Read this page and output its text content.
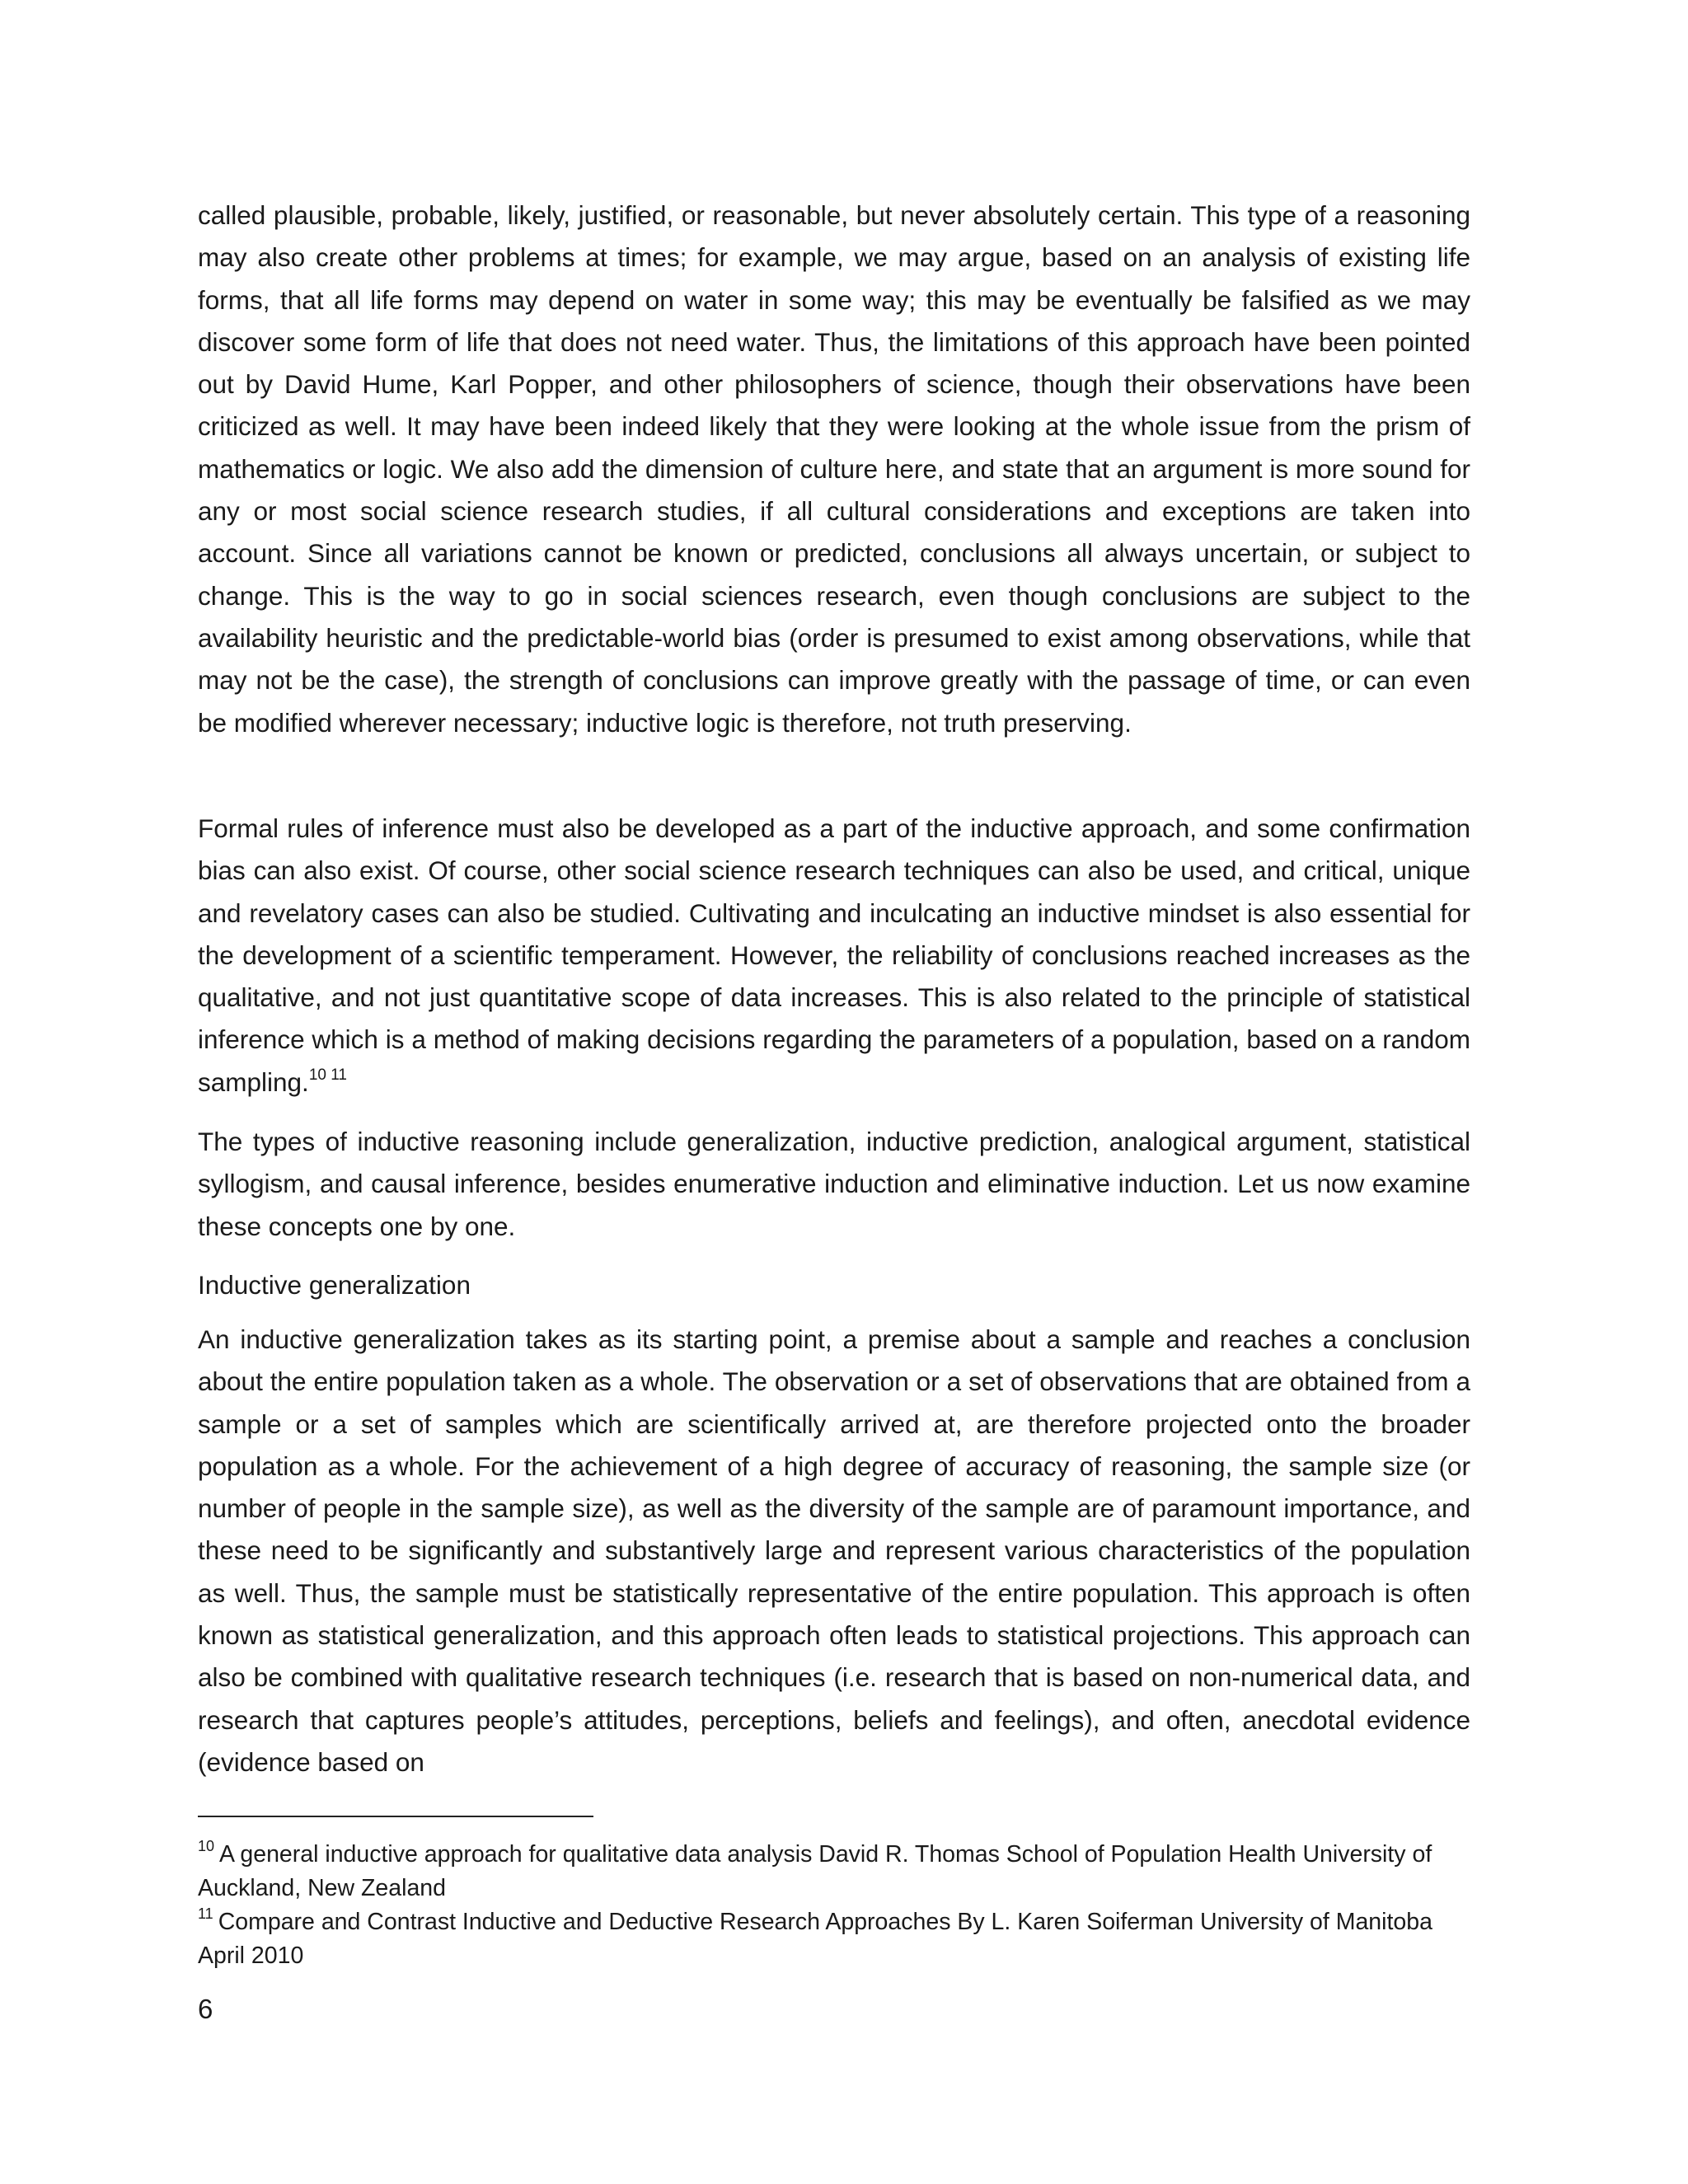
called plausible, probable, likely, justified, or reasonable, but never absolutely certain. This type of a reasoning may also create other problems at times; for example, we may argue, based on an analysis of existing life forms, that all life forms may depend on water in some way; this may be eventually be falsified as we may discover some form of life that does not need water. Thus, the limitations of this approach have been pointed out by David Hume, Karl Popper, and other philosophers of science, though their observations have been criticized as well. It may have been indeed likely that they were looking at the whole issue from the prism of mathematics or logic. We also add the dimension of culture here, and state that an argument is more sound for any or most social science research studies, if all cultural considerations and exceptions are taken into account. Since all variations cannot be known or predicted, conclusions all always uncertain, or subject to change. This is the way to go in social sciences research, even though conclusions are subject to the availability heuristic and the predictable-world bias (order is presumed to exist among observations, while that may not be the case), the strength of conclusions can improve greatly with the passage of time, or can even be modified wherever necessary; inductive logic is therefore, not truth preserving.

Formal rules of inference must also be developed as a part of the inductive approach, and some confirmation bias can also exist. Of course, other social science research techniques can also be used, and critical, unique and revelatory cases can also be studied. Cultivating and inculcating an inductive mindset is also essential for the development of a scientific temperament. However, the reliability of conclusions reached increases as the qualitative, and not just quantitative scope of data increases. This is also related to the principle of statistical inference which is a method of making decisions regarding the parameters of a population, based on a random sampling.$^{10 11}$

The types of inductive reasoning include generalization, inductive prediction, analogical argument, statistical syllogism, and causal inference, besides enumerative induction and eliminative induction. Let us now examine these concepts one by one.

Inductive generalization

An inductive generalization takes as its starting point, a premise about a sample and reaches a conclusion about the entire population taken as a whole. The observation or a set of observations that are obtained from a sample or a set of samples which are scientifically arrived at, are therefore projected onto the broader population as a whole. For the achievement of a high degree of accuracy of reasoning, the sample size (or number of people in the sample size), as well as the diversity of the sample are of paramount importance, and these need to be significantly and substantively large and represent various characteristics of the population as well. Thus, the sample must be statistically representative of the entire population. This approach is often known as statistical generalization, and this approach often leads to statistical projections. This approach can also be combined with qualitative research techniques (i.e. research that is based on non-numerical data, and research that captures people’s attitudes, perceptions, beliefs and feelings), and often, anecdotal evidence (evidence based on

$^{10}$ A general inductive approach for qualitative data analysis David R. Thomas School of Population Health University of Auckland, New Zealand

$^{11}$ Compare and Contrast Inductive and Deductive Research Approaches By L. Karen Soiferman University of Manitoba April 2010

6
